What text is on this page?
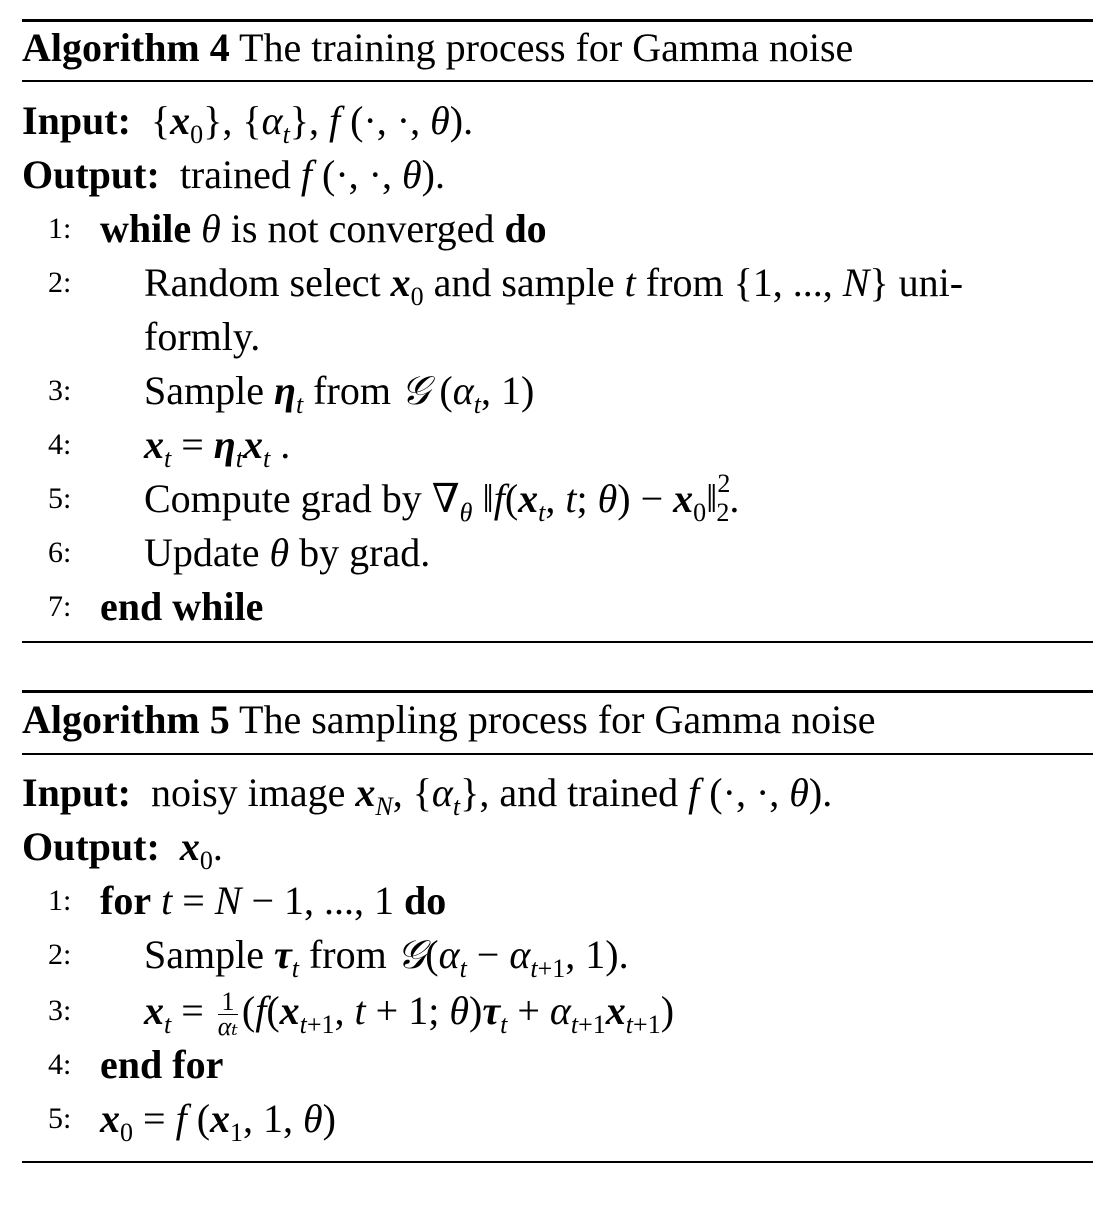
Algorithm 4 The training process for Gamma noise
Input: $\{x_0\}$, $\{\alpha_t\}$, f (·, ·, θ).
Output: trained f (·, ·, θ).
1: while θ is not converged do
2:	Random select $x_0$ and sample t from {1, ..., N} uni-
formly.
3:	Sample $\eta_t$ from 𝒢 ($\alpha_t$, 1)
4:	$x_t = \eta_tx_t$ .
5:	Compute grad by $\nabla_\theta$ $‖f(x_t$, t; $\theta) - x_0‖^2_2$.
6:	Update θ by grad.
7: end while
Algorithm 5 The sampling process for Gamma noise
Input: noisy image $x_N$, $\{\alpha_t\}$, and trained f (·, ·, θ).
Output: $x_0$.
1: for t = N − 1, ..., 1 do
2:	Sample $\tau_t$ from $𝒢(\alpha_t - \alpha_{t+1}$, 1).
3:	$x_t = \frac{1}{\text{αₜ}} (f(x_{t+1}$, t + 1; $\theta)\tau_t + \alpha_{t+1}x_{t+1}$)
4: end for
5: $x_0 = f$ ($x_1$, 1, θ)
